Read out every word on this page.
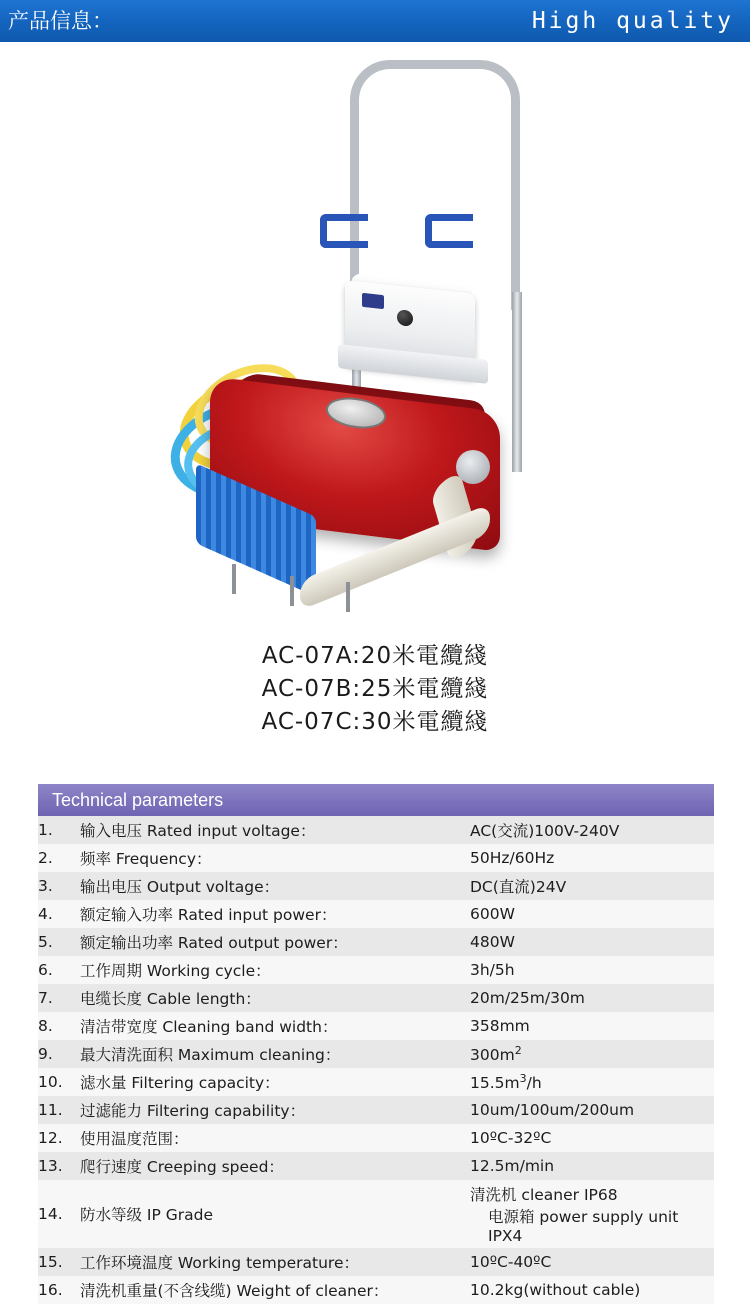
产品信息：	High quality
AC-07A:20米電纜綫
AC-07B:25米電纜綫
AC-07C:30米電纜綫
Technical parameters
1.	输入电压 Rated input voltage：	AC(交流)100V-240V
2.	频率 Frequency：	50Hz/60Hz
3.	输出电压 Output voltage：	DC(直流)24V
4.	额定输入功率 Rated input power：	600W
5.	额定输出功率 Rated output power：	480W
6.	工作周期 Working cycle：	3h/5h
7.	电缆长度 Cable length：	20m/25m/30m
8.	清洁带宽度 Cleaning band width：	358mm
9.	最大清洗面积 Maximum cleaning：	$300m^2$
10.	滤水量 Filtering capacity：	$15.5m^3/h$
11.	过滤能力 Filtering capability：	10um/100um/200um
12.	使用温度范围：	10ºC-32ºC
13.	爬行速度 Creeping speed：	12.5m/min
14.	防水等级 IP Grade	清洗机 cleaner IP68
电源箱 power supply unit IPX4

15.	工作环境温度 Working temperature：	10ºC-40ºC
16.	清洗机重量(不含线缆) Weight of cleaner：	10.2kg(without cable)
